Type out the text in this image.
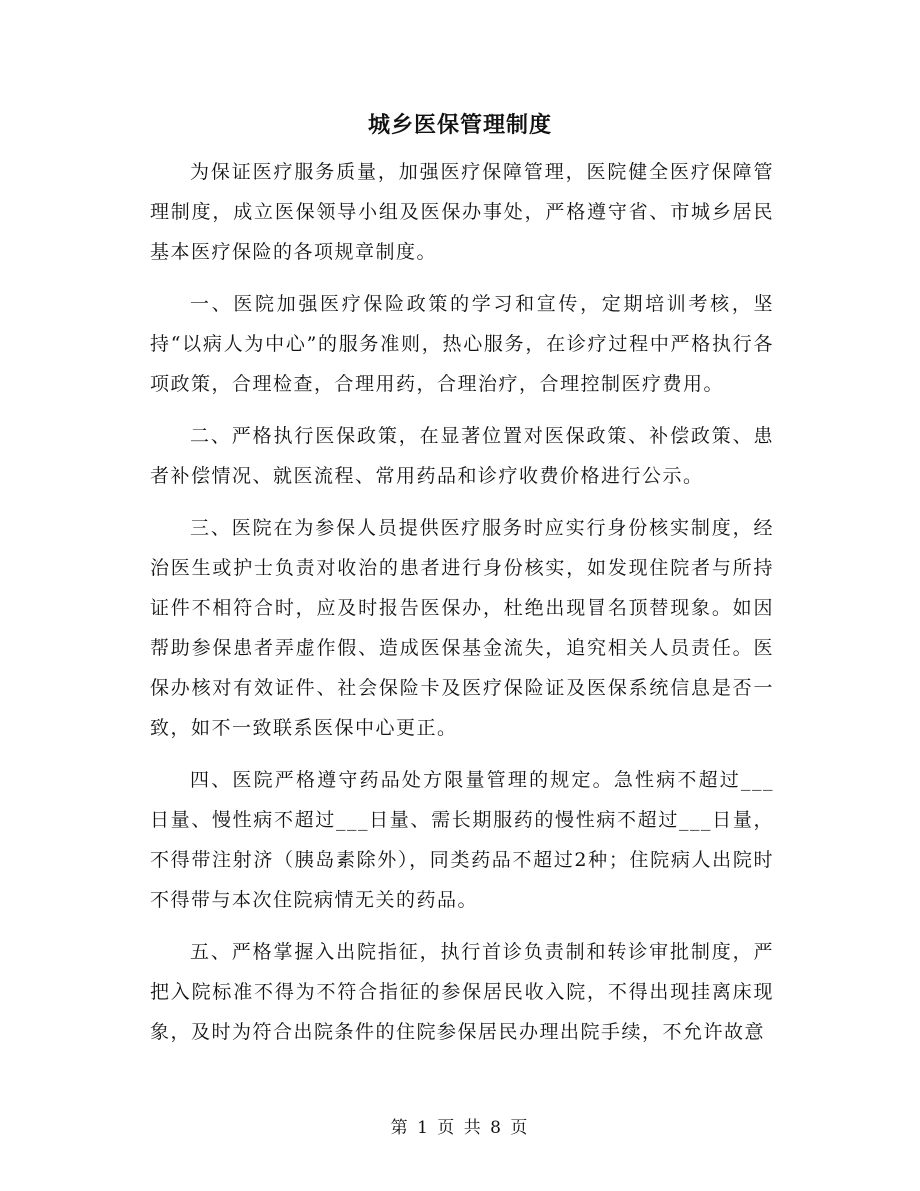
城乡医保管理制度

为保证医疗服务质量，加强医疗保障管理，医院健全医疗保障管理制度，成立医保领导小组及医保办事处，严格遵守省、市城乡居民基本医疗保险的各项规章制度。

一、医院加强医疗保险政策的学习和宣传，定期培训考核，坚持“以病人为中心”的服务准则，热心服务，在诊疗过程中严格执行各项政策，合理检查，合理用药，合理治疗，合理控制医疗费用。

二、严格执行医保政策，在显著位置对医保政策、补偿政策、患者补偿情况、就医流程、常用药品和诊疗收费价格进行公示。

三、医院在为参保人员提供医疗服务时应实行身份核实制度，经治医生或护士负责对收治的患者进行身份核实，如发现住院者与所持证件不相符合时，应及时报告医保办，杜绝出现冒名顶替现象。如因帮助参保患者弄虚作假、造成医保基金流失，追究相关人员责任。医保办核对有效证件、社会保险卡及医疗保险证及医保系统信息是否一致，如不一致联系医保中心更正。

四、医院严格遵守药品处方限量管理的规定。急性病不超过___日量、慢性病不超过___日量、需长期服药的慢性病不超过___日量，不得带注射济（胰岛素除外），同类药品不超过2种；住院病人出院时不得带与本次住院病情无关的药品。

五、严格掌握入出院指征，执行首诊负责制和转诊审批制度，严把入院标准不得为不符合指征的参保居民收入院，不得出现挂离床现象，及时为符合出院条件的住院参保居民办理出院手续，不允许故意

第 1 页 共 8 页
